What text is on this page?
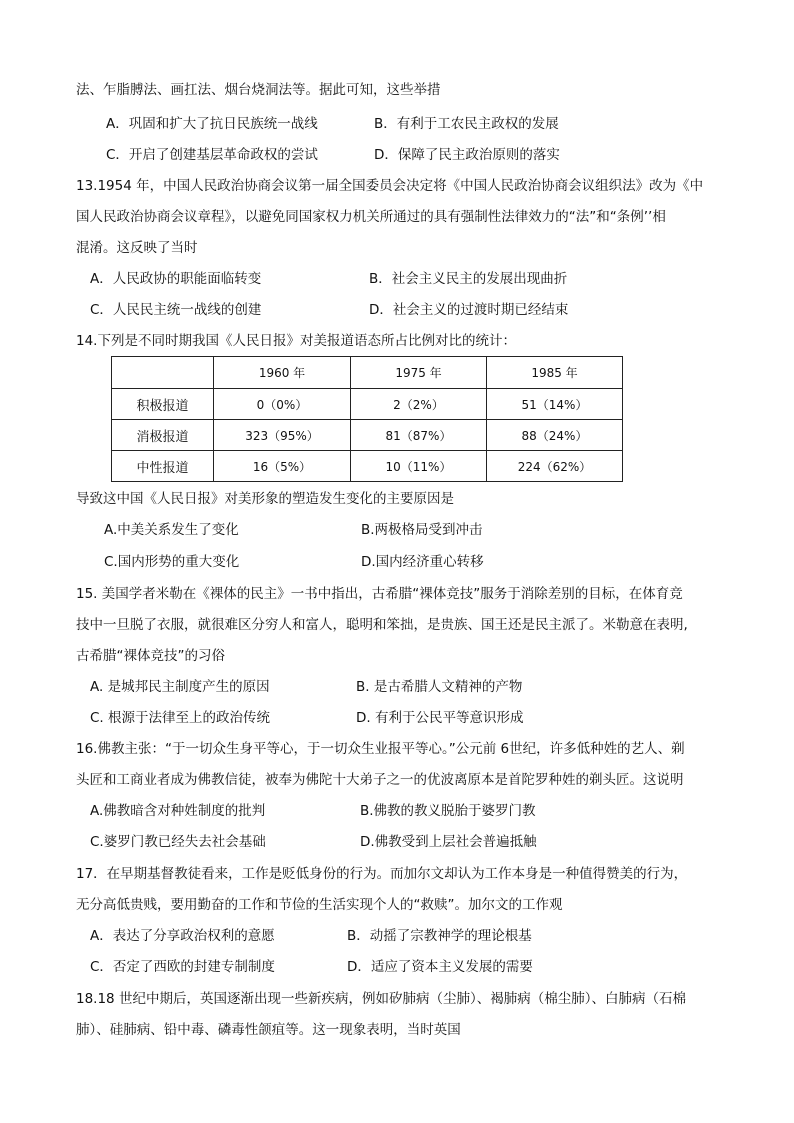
法、乍脂膊法、画扛法、烟台烧洞法等。据此可知，这些举措
A．巩固和扩大了抗日民族统一战线	B．有利于工农民主政权的发展
C．开启了创建基层革命政权的尝试	D．保障了民主政治原则的落实
13.1954 年，中国人民政治协商会议第一届全国委员会决定将《中国人民政治协商会议组织法》改为《中
国人民政治协商会议章程》，以避免同国家权力机关所通过的具有强制性法律效力的“法”和“条例’’相
混淆。这反映了当时
A．人民政协的职能面临转变	B．社会主义民主的发展出现曲折
C．人民民主统一战线的创建	D．社会主义的过渡时期已经结束
14.下列是不同时期我国《人民日报》对美报道语态所占比例对比的统计：
	1960 年	1975 年	1985 年
积极报道	0（0%）	2（2%）	51（14%）
消极报道	323（95%）	81（87%）	88（24%）
中性报道	16（5%）	10（11%）	224（62%）
导致这中国《人民日报》对美形象的塑造发生变化的主要原因是
A.中美关系发生了变化	B.两极格局受到冲击
C.国内形势的重大变化	D.国内经济重心转移
15. 美国学者米勒在《裸体的民主》一书中指出，古希腊“裸体竞技”服务于消除差别的目标，在体育竞
技中一旦脱了衣服，就很难区分穷人和富人，聪明和笨拙，是贵族、国王还是民主派了。米勒意在表明,
古希腊“裸体竞技”的习俗
A. 是城邦民主制度产生的原因	B. 是古希腊人文精神的产物
C. 根源于法律至上的政治传统	D. 有利于公民平等意识形成
16.佛教主张：“于一切众生身平等心，于一切众生业报平等心。”公元前 6世纪，许多低种姓的艺人、剃
头匠和工商业者成为佛教信徒，被奉为佛陀十大弟子之一的优波离原本是首陀罗种姓的剃头匠。这说明
A.佛教暗含对种姓制度的批判	B.佛教的教义脱胎于婆罗门教
C.婆罗门教已经失去社会基础	D.佛教受到上层社会普遍抵触
17．在早期基督教徒看来，工作是贬低身份的行为。而加尔文却认为工作本身是一种值得赞美的行为，
无分高低贵贱，要用勤奋的工作和节俭的生活实现个人的“救赎”。加尔文的工作观
A．表达了分享政治权利的意愿	B．动摇了宗教神学的理论根基
C．否定了西欧的封建专制制度	D．适应了资本主义发展的需要
18.18 世纪中期后，英国逐渐出现一些新疾病，例如矽肺病（尘肺）、褐肺病（棉尘肺）、白肺病（石棉
肺）、硅肺病、铅中毒、磷毒性颌疽等。这一现象表明，当时英国
